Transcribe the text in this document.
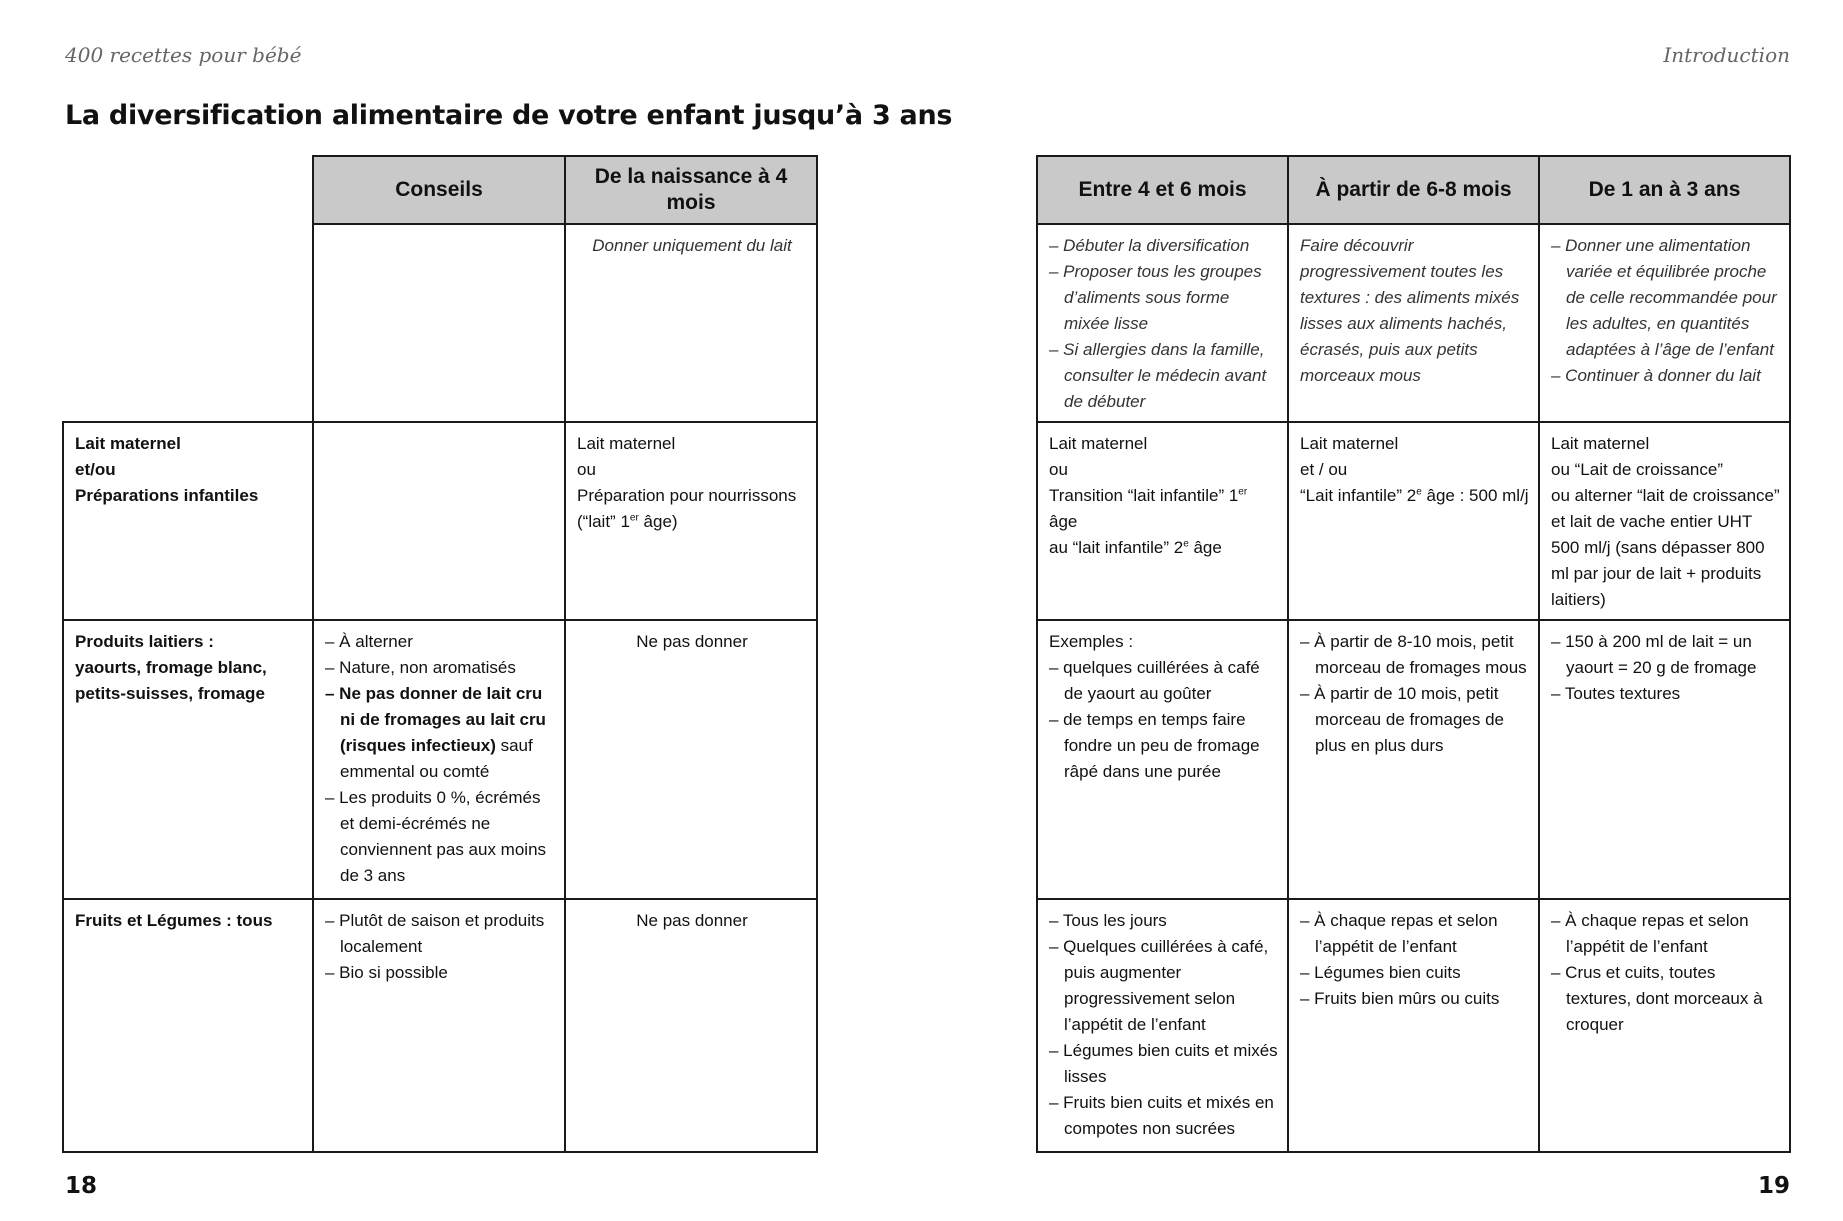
400 recettes pour bébé	Introduction
La diversification alimentaire de votre enfant jusqu’à 3 ans
	Conseils	De la naissance à 4 mois
		Donner uniquement du lait

Lait maternel
et/ou
Préparations infantiles		Lait maternel
ou
Préparation pour nourrissons
(“lait” 1er âge)

Produits laitiers :
yaourts, fromage blanc, petits-suisses, fromage	– À alterner
– Nature, non aromatisés
– Ne pas donner de lait cru ni de fromages au lait cru (risques infectieux) sauf emmental ou comté
– Les produits 0 %, écrémés et demi-écrémés ne conviennent pas aux moins de 3 ans	Ne pas donner
Fruits et Légumes : tous	– Plutôt de saison et produits localement
– Bio si possible	Ne pas donner
Entre 4 et 6 mois	À partir de 6-8 mois	De 1 an à 3 ans

– Débuter la diversification
– Proposer tous les groupes d’aliments sous forme mixée lisse
– Si allergies dans la famille, consulter le médecin avant de débuter	Faire découvrir progressivement toutes les textures : des aliments mixés lisses aux aliments hachés, écrasés, puis aux petits morceaux mous	– Donner une alimentation variée et équilibrée proche de celle recommandée pour les adultes, en quantités adaptées à l’âge de l’enfant
– Continuer à donner du lait

Lait maternel
ou
Transition “lait infantile” 1er âge
au “lait infantile” 2e âge	Lait maternel
et / ou
“Lait infantile” 2e âge : 500 ml/j	Lait maternel
ou “Lait de croissance”
ou alterner “lait de croissance” et lait de vache entier UHT 500 ml/j (sans dépasser 800 ml par jour de lait + produits laitiers)

Exemples :
– quelques cuillérées à café de yaourt au goûter
– de temps en temps faire fondre un peu de fromage râpé dans une purée	– À partir de 8-10 mois, petit morceau de fromages mous
– À partir de 10 mois, petit morceau de fromages de plus en plus durs	– 150 à 200 ml de lait = un yaourt = 20 g de fromage
– Toutes textures

– Tous les jours
– Quelques cuillérées à café, puis augmenter progressivement selon l’appétit de l’enfant
– Légumes bien cuits et mixés lisses
– Fruits bien cuits et mixés en compotes non sucrées	– À chaque repas et selon l’appétit de l’enfant
– Légumes bien cuits
– Fruits bien mûrs ou cuits	– À chaque repas et selon l’appétit de l’enfant
– Crus et cuits, toutes textures, dont morceaux à croquer
18	19
